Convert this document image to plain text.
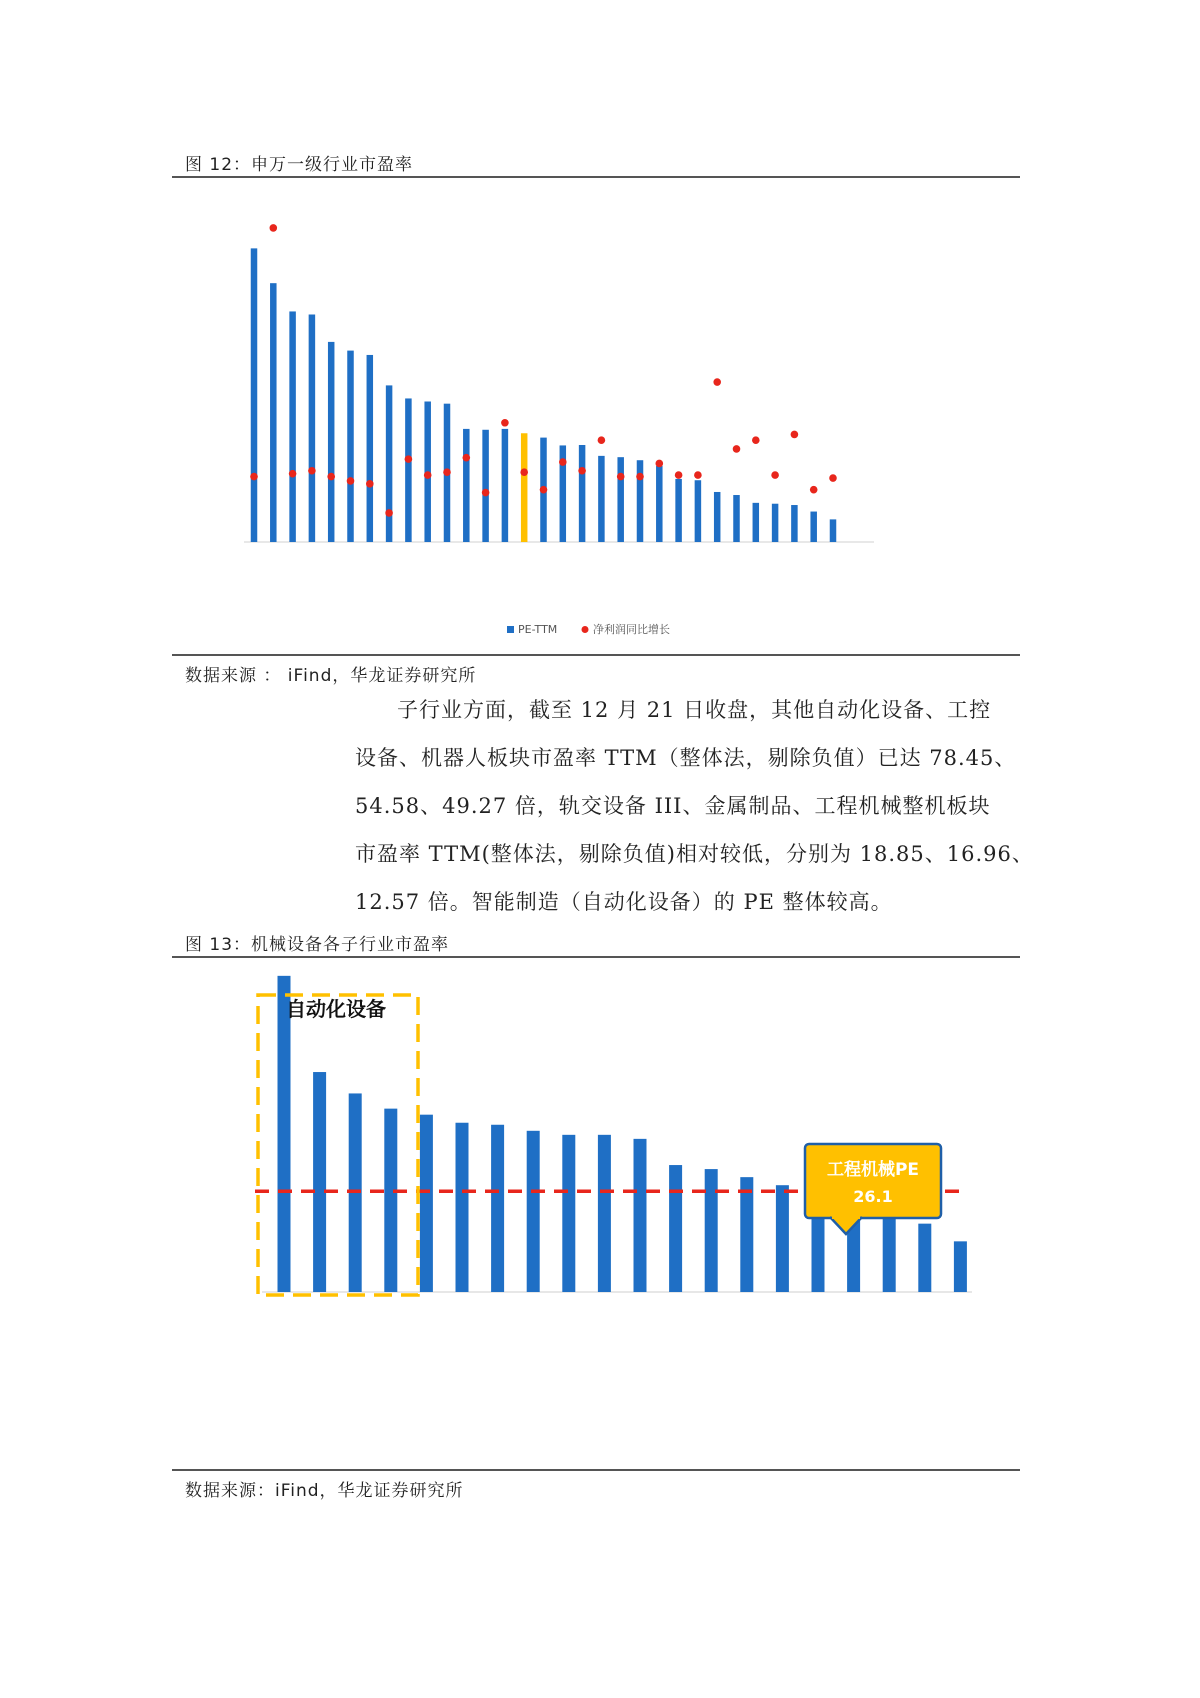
图 12：申万一级行业市盈率
PE-TTM	净利润同比增长
数据来源 ： iFind，华龙证券研究所

子行业方面，截至 12 月 21 日收盘，其他自动化设备、工控

设备、机器人板块市盈率 TTM（整体法，剔除负值）已达 78.45、

54.58、49.27 倍，轨交设备 III、金属制品、工程机械整机板块

市盈率 TTM(整体法，剔除负值)相对较低，分别为 18.85、16.96、

12.57 倍。智能制造（自动化设备）的 PE 整体较高。

图 13：机械设备各子行业市盈率
自动化设备
工程机械PE
26.1
数据来源：iFind，华龙证券研究所
